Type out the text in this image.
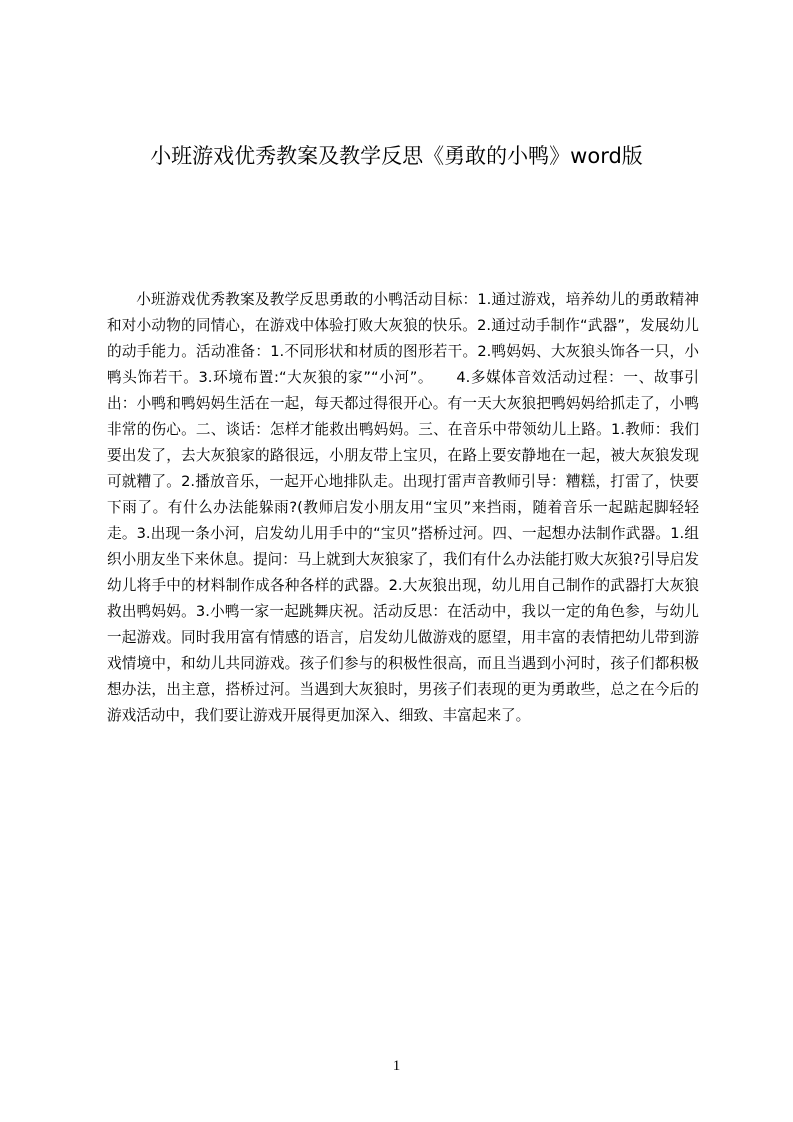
小班游戏优秀教案及教学反思《勇敢的小鸭》word版
小班游戏优秀教案及教学反思勇敢的小鸭活动目标：1.通过游戏，培养幼儿的勇敢精神和对小动物的同情心，在游戏中体验打败大灰狼的快乐。2.通过动手制作“武器”，发展幼儿的动手能力。活动准备：1.不同形状和材质的图形若干。2.鸭妈妈、大灰狼头饰各一只，小鸭头饰若干。3.环境布置:“大灰狼的家”“小河”。　　4.多媒体音效活动过程：一、故事引出：小鸭和鸭妈妈生活在一起，每天都过得很开心。有一天大灰狼把鸭妈妈给抓走了，小鸭非常的伤心。二、谈话：怎样才能救出鸭妈妈。三、在音乐中带领幼儿上路。1.教师：我们要出发了，去大灰狼家的路很远，小朋友带上宝贝，在路上要安静地在一起，被大灰狼发现可就糟了。2.播放音乐，一起开心地排队走。出现打雷声音教师引导：糟糕，打雷了，快要下雨了。有什么办法能躲雨?(教师启发小朋友用“宝贝”来挡雨，随着音乐一起踮起脚轻轻走。3.出现一条小河，启发幼儿用手中的“宝贝”搭桥过河。四、一起想办法制作武器。1.组织小朋友坐下来休息。提问：马上就到大灰狼家了，我们有什么办法能打败大灰狼?引导启发幼儿将手中的材料制作成各种各样的武器。2.大灰狼出现，幼儿用自己制作的武器打大灰狼救出鸭妈妈。3.小鸭一家一起跳舞庆祝。活动反思：在活动中，我以一定的角色参，与幼儿一起游戏。同时我用富有情感的语言，启发幼儿做游戏的愿望，用丰富的表情把幼儿带到游戏情境中，和幼儿共同游戏。孩子们参与的积极性很高，而且当遇到小河时，孩子们都积极想办法，出主意，搭桥过河。当遇到大灰狼时，男孩子们表现的更为勇敢些，总之在今后的游戏活动中，我们要让游戏开展得更加深入、细致、丰富起来了。
1
